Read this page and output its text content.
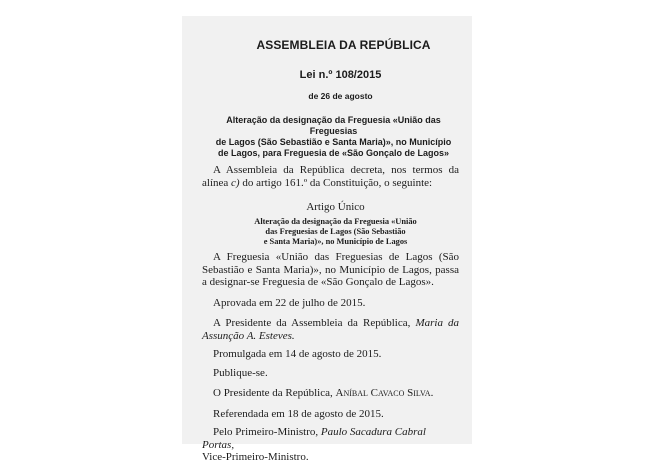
ASSEMBLEIA DA REPÚBLICA
Lei n.º 108/2015
de 26 de agosto
Alteração da designação da Freguesia «União das Freguesias
de Lagos (São Sebastião e Santa Maria)», no Município
de Lagos, para Freguesia de «São Gonçalo de Lagos»

A Assembleia da República decreta, nos termos da alínea c) do artigo 161.º da Constituição, o seguinte:

Artigo Único
Alteração da designação da Freguesia «União
das Freguesias de Lagos (São Sebastião
e Santa Maria)», no Município de Lagos

A Freguesia «União das Freguesias de Lagos (São Sebastião e Santa Maria)», no Município de Lagos, passa a designar-se Freguesia de «São Gonçalo de Lagos».

Aprovada em 22 de julho de 2015.

A Presidente da Assembleia da República, Maria da Assunção A. Esteves.

Promulgada em 14 de agosto de 2015.

Publique-se.

O Presidente da República, Aníbal Cavaco Silva.

Referendada em 18 de agosto de 2015.

Pelo Primeiro-Ministro, Paulo Sacadura Cabral Portas,
Vice-Primeiro-Ministro.
